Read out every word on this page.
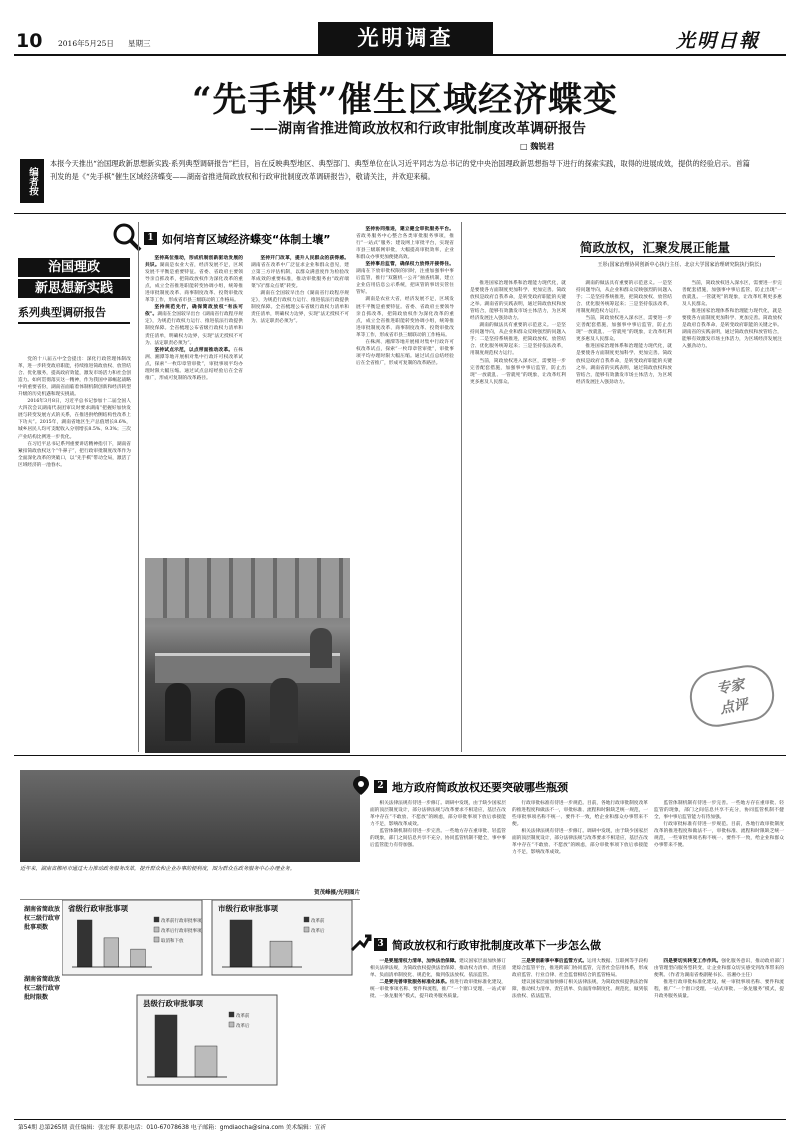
10 2016年5月25日 星期三	光明调查	光明日報
“先手棋”催生区域经济蝶变
——湖南省推进简政放权和行政审批制度改革调研报告
□ 魏锐君
编者按
本报今天推出“治国理政新思想新实践·系列典型调研报告”栏目，旨在反映典型地区、典型部门、典型单位在认习近平同志为总书记的党中央治国理政新思想指导下进行的探索实践，取得的进展成效，提供的经验启示。首篇刊发的是《“先手棋”催生区域经济蝶变——湖南省推进简政放权和行政审批制度改革调研报告》，敬请关注，并欢迎来稿。
治国理政
新思想新实践
系列典型调研报告

党的十八届五中全会提出：深化行政管理体制改革，进一步转变政府职能，持续推进简政放权、放管结合、优化服务，提高政府效能，激发市场活力和社会创造力。如何贯彻落实这一精神，作为我国中部崛起战略中的重要省份，湖南省面临着体制机制创新和经济转型升级的历史机遇和现实挑战。

2016年3月8日，习近平总书记参加十二届全国人大四次会议湖南代表团审议时要求湖南“把握好加快发展与转变发展方式的关系，在推进供给侧结构性改革上下功夫”。2015年，湖南省地区生产总值增长8.6%，城乡居民人均可支配收入分别增长8.5%、9.3%；三次产业结构比例进一步优化。

在习近平总书记系列重要讲话精神指引下，湖南省紧扣简政放权这个“牛鼻子”，把行政审批制度改革作为全面深化改革的突破口，以“先手棋”带动全局，激活了区域经济的一池春水。

1 如何培育区域经济蝶变“体制土壤”

坚持高位推动，形成机制创新驱动发展的共识。湖南是农业大省，经济发展不足，区域发展不平衡是重要特征。省委、省政府主要领导亲自抓改革，把简政放权作为深化改革的重点，成立全省推进职能转变协调小组，统筹推进审批制度改革、商事制度改革、投资审批改革等工作，形成省市县三级联动的工作格局。

坚持规范先行，确保简政放权“有法可依”。湖南在全国较早出台《湖南省行政程序规定》，为规范行政权力运行、推进依法行政提供制度保障。全省梳理公布省级行政权力清单和责任清单，明确权力边界，实现“法无授权不可为、法定职责必须为”。

坚持试点示范，以点带面推动改革。在株洲、湘潭等地开展相对集中行政许可权改革试点，探索“一枚印章管审批”，审批事项平均办理时限大幅压缩。通过试点总结经验后在全省推广，形成可复制的改革路径。

坚持开门改革，提升人民群众的获得感。湖南省在改革中广泛征求企业和群众意见，建立第三方评估机制，以群众满意度作为检验改革成效的重要标准，推动审批服务由“政府端菜”向“群众点菜”转变。

湖南在全国较早出台《湖南省行政程序规定》，为规范行政权力运行、推进依法行政提供制度保障。全省梳理公布省级行政权力清单和责任清单，明确权力边界，实现“法无授权不可为、法定职责必须为”。

坚持协同推进，建立健全审批服务平台。省政务服务中心整合各类审批服务事项，推行“一站式”服务；建设网上审批平台，实现省市县三级联网审批，大幅提高审批效率，企业和群众办事更加便捷高效。

坚持事后监管，确保权力放得开接得住。湖南在下放审批权限的同时，注重加强事中事后监管，推行“双随机一公开”抽查机制，建立企业信用信息公示系统，把该管的事切实管住管好。

湖南是农业大省，经济发展不足，区域发展不平衡是重要特征。省委、省政府主要领导亲自抓改革，把简政放权作为深化改革的重点，成立全省推进职能转变协调小组，统筹推进审批制度改革、商事制度改革、投资审批改革等工作，形成省市县三级联动的工作格局。

在株洲、湘潭等地开展相对集中行政许可权改革试点，探索“一枚印章管审批”，审批事项平均办理时限大幅压缩。通过试点总结经验后在全省推广，形成可复制的改革路径。

简政放权，汇聚发展正能量
王彤(国家治理协同创新中心执行主任、北京大学国家治理研究院执行院长)

推进国家治理体系和治理能力现代化，就是要使各方面制度更加科学、更加完善。简政放权是政府自我革命，是转变政府职能的关键之举。湖南省的实践表明，通过简政放权和放管结合，能够有效激发市场主体活力，为区域经济发展注入强劲动力。

湖南的做法具有重要的示范意义。一是坚持问题导向，从企业和群众反映强烈的问题入手；二是坚持系统推进，把简政放权、放管结合、优化服务统筹起来；三是坚持依法改革，用制度规范权力运行。

当前，简政放权进入深水区，需要进一步完善配套措施，加强事中事后监管，防止出现“一放就乱、一管就死”的现象，让改革红利更多惠及人民群众。

湖南的做法具有重要的示范意义。一是坚持问题导向，从企业和群众反映强烈的问题入手；二是坚持系统推进，把简政放权、放管结合、优化服务统筹起来；三是坚持依法改革，用制度规范权力运行。

当前，简政放权进入深水区，需要进一步完善配套措施，加强事中事后监管，防止出现“一放就乱、一管就死”的现象，让改革红利更多惠及人民群众。

推进国家治理体系和治理能力现代化，就是要使各方面制度更加科学、更加完善。简政放权是政府自我革命，是转变政府职能的关键之举。湖南省的实践表明，通过简政放权和放管结合，能够有效激发市场主体活力，为区域经济发展注入强劲动力。

当前，简政放权进入深水区，需要进一步完善配套措施，加强事中事后监管，防止出现“一放就乱、一管就死”的现象，让改革红利更多惠及人民群众。

推进国家治理体系和治理能力现代化，就是要使各方面制度更加科学、更加完善。简政放权是政府自我革命，是转变政府职能的关键之举。湖南省的实践表明，通过简政放权和放管结合，能够有效激发市场主体活力，为区域经济发展注入强劲动力。

专家
点评
近年来，湖南省郴州市通过大力推动政务服务改革，提升群众和企业办事的便利度，图为群众在政务服务中心办理业务。
贺茂峰摄/光明图片
湖南省简政放权三级行政审批事项数
湖南省简政放权三级行政审批时限数
省级行政审批事项
改革前行政审批事项
改革后行政审批事项
取消和下放
市级行政审批事项
改革前
改革后
县级行政审批事项
改革前
改革后
2 地方政府简政放权还要突破哪些瓶颈

相关法律法规有待进一步修订。调研中发现，由于缺少国家层面的顶层制度设计，部分法律法规与改革要求不相适应，基层在改革中存在“不敢放、不愿放”的顾虑，部分审批事项下放后承接能力不足，影响改革成效。

监管体制机制有待进一步完善。一些地方存在重审批、轻监管的现象，部门之间信息共享不充分，协同监管机制不健全，事中事后监管能力有待加强。

行政审批标准有待进一步规范。目前，各地行政审批制度改革的推进程度和做法不一，审批标准、流程和时限缺乏统一规范，一些审批事项名称不统一、要件不一致，给企业和群众办事带来不便。

相关法律法规有待进一步修订。调研中发现，由于缺少国家层面的顶层制度设计，部分法律法规与改革要求不相适应，基层在改革中存在“不敢放、不愿放”的顾虑，部分审批事项下放后承接能力不足，影响改革成效。

监管体制机制有待进一步完善。一些地方存在重审批、轻监管的现象，部门之间信息共享不充分，协同监管机制不健全，事中事后监管能力有待加强。

行政审批标准有待进一步规范。目前，各地行政审批制度改革的推进程度和做法不一，审批标准、流程和时限缺乏统一规范，一些审批事项名称不统一、要件不一致，给企业和群众办事带来不便。

3 简政放权和行政审批制度改革下一步怎么做

一是要厘清权力清单，加快法治保障。建议国家层面加快修订相关法律法规，为简政放权提供法治保障，推动权力清单、责任清单、负面清单制度化、规范化，做到依法放权、依法监管。

二是要完善审批服务标准化体系。推进行政审批标准化建设，统一审批事项名称、要件和流程，推广“一个窗口受理、一站式审批、一条龙服务”模式，提升政务服务质量。

三是要创新事中事后监管方式。运用大数据、互联网等手段构建综合监管平台，推进跨部门协同监管，完善社会信用体系，形成政府监管、行业自律、社会监督相结合的监管格局。

建议国家层面加快修订相关法律法规，为简政放权提供法治保障，推动权力清单、责任清单、负面清单制度化、规范化，做到依法放权、依法监管。

四是要切实转变工作作风。强化服务意识，推动政府部门由管理型向服务型转变，让企业和群众切实感受到改革带来的便利。（作者为湖南省委副秘书长、省湘办主任）

推进行政审批标准化建设，统一审批事项名称、要件和流程，推广“一个窗口受理、一站式审批、一条龙服务”模式，提升政务服务质量。

第54期 总第265期 责任编辑：张宏辉 联系电话：010-67078638 电子邮箱：gmdiaocha@sina.com 美术编辑：宣祈
